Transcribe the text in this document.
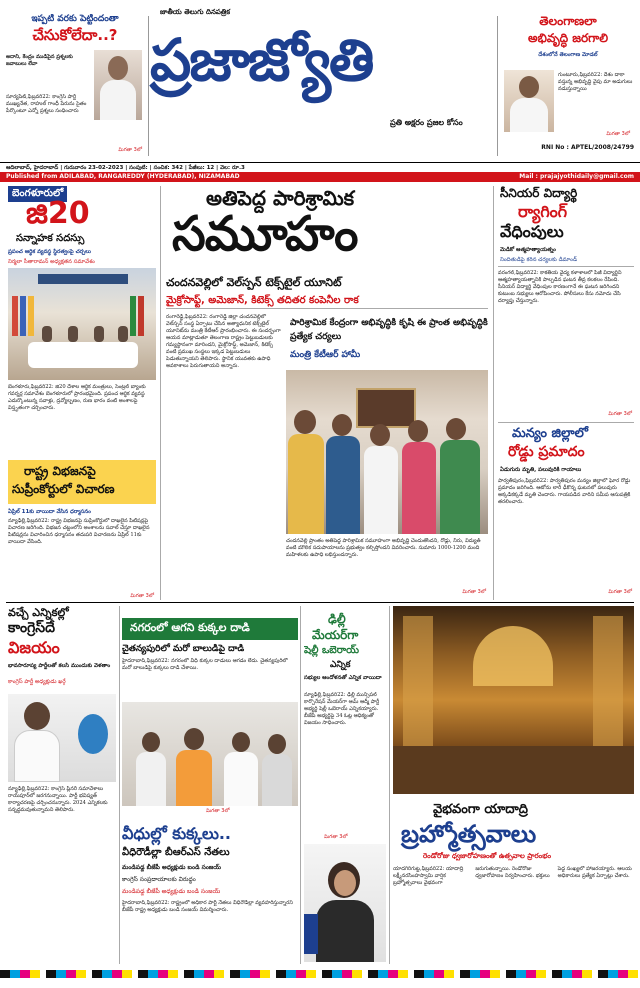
ఇప్పటి వరకు పెట్టిందంతా
చేసుకోలేదా..?
అదానీ, కేంద్రం ముడిపైన ప్రశ్నలకు జవాబులు లేవా
సూర్యపేట్,ఫిబ్రవరి22: కాంగ్రెస్ పార్టీ ముఖ్యనేత, రాహుల్ గాంధీ పేరును సైతం పేర్కొంటూ ఎన్నో ప్రశ్నలు సంధించారు
మిగతా 3లో
జాతీయ తెలుగు దినపత్రిక
ప్రజాజ్యోతి
ప్రతి అక్షరం ప్రజల కోసం
తెలంగాణలా
అభివృద్ధి జరగాలి
దేశంలోనే తెలంగాణ మోడల్
గుంటూరు,ఫిబ్రవరి22: దేశం దాకా వస్తున్న అభివృద్ధి వైపు మా అడుగులు నడుస్తున్నాయి
మిగతా 3లో
RNI No : APTEL/2008/24799
ఆదిలాబాద్, హైదరాబాద్ | గురువారం 23-02-2023 | సంపుటి: | సంచిక: 342 | పేజీలు: 12 | వెల: రూ.3
Published from ADILABAD, RANGAREDDY (HYDERABAD), NIZAMABAD	Mail : prajajyothidaily@gmail.com
బెంగళూరులో
జి20
సన్నాహక సదస్సు
ప్రపంచ ఆర్థిక వ్యవస్థ స్థిరత్వంపై చర్చలు
నిర్మలా సీతారామన్ అధ్యక్షతన సమావేశం
బెంగళూరు,ఫిబ్రవరి22: జి20 దేశాల ఆర్థిక మంత్రులు, సెంట్రల్ బ్యాంకు గవర్నర్ల సమావేశం బెంగళూరులో ప్రారంభమైంది. ప్రపంచ ఆర్థిక వ్యవస్థ ఎదుర్కొంటున్న సవాళ్లు, ద్రవ్యోల్బణం, రుణ భారం వంటి అంశాలపై విస్తృతంగా చర్చించారు.
రాష్ట్ర విభజనపై
సుప్రీంకోర్టులో విచారణ
ఏప్రిల్ 11కు వాయిదా వేసిన ధర్మాసనం
న్యూఢిల్లీ,ఫిబ్రవరి22: రాష్ట్ర విభజనపై సుప్రీంకోర్టులో దాఖలైన పిటిషన్లపై విచారణ జరిగింది. విభజన చట్టంలోని అంశాలను సవాల్ చేస్తూ దాఖలైన పిటిషన్లను విచారించిన ధర్మాసనం తదుపరి విచారణను ఏప్రిల్ 11కు వాయిదా వేసింది.
మిగతా 3లో
అతిపెద్ద పారిశ్రామిక
సమూహం
చందనవెల్లిలో వెల్‌స్పన్ టెక్స్‌టైల్ యూనిట్
మైక్రోసాఫ్ట్, అమెజాన్, కిటెక్స్ తదితర కంపెనీల రాక
రంగారెడ్డి,ఫిబ్రవరి22: రంగారెడ్డి జిల్లా చందనవెల్లిలో వెల్‌స్పన్ సంస్థ ఏర్పాటు చేసిన అత్యాధునిక టెక్స్‌టైల్ యూనిట్‌ను మంత్రి కేటీఆర్ ప్రారంభించారు. ఈ సందర్భంగా ఆయన మాట్లాడుతూ తెలంగాణ రాష్ట్రం పెట్టుబడులకు గమ్యస్థానంగా మారిందని, మైక్రోసాఫ్ట్, అమెజాన్, కిటెక్స్ వంటి ప్రముఖ సంస్థలు ఇక్కడ పెట్టుబడులు పెడుతున్నాయని తెలిపారు. స్థానిక యువతకు ఉపాధి అవకాశాలు పెరుగుతాయని అన్నారు.
పారిశ్రామిక కేంద్రంగా అభివృద్ధికి కృషి ఈ ప్రాంత అభివృద్ధికి ప్రత్యేక చర్యలు
మంత్రి కేటీఆర్ హామీ
చందనవెల్లి ప్రాంతం అతిపెద్ద పారిశ్రామిక సమూహంగా అభివృద్ధి చెందుతోందని, రోడ్లు, నీరు, విద్యుత్ వంటి మౌలిక సదుపాయాలను ప్రభుత్వం కల్పిస్తోందని వివరించారు. సుమారు 1000-1200 మంది మహిళలకు ఉపాధి లభిస్తుందన్నారు.
మిగతా 3లో
సీనియర్ విద్యార్థి
ర్యాగింగ్
వేధింపులు
మెడికో ఆత్మహత్యాయత్నం
నిందితుడిపై కఠిన చర్యలకు డిమాండ్
వరంగల్,ఫిబ్రవరి22: కాకతీయ వైద్య కళాశాలలో పీజీ విద్యార్థిని ఆత్మహత్యాయత్నానికి పాల్పడిన ఘటన తీవ్ర కలకలం రేపింది. సీనియర్ విద్యార్థి వేధింపుల కారణంగానే ఈ ఘటన జరిగిందని కుటుంబ సభ్యులు ఆరోపించారు. పోలీసులు కేసు నమోదు చేసి దర్యాప్తు చేస్తున్నారు.
మిగతా 3లో
మన్యం జిల్లాలో
రోడ్డు ప్రమాదం
ఏడుగురు మృతి, పలువురికి గాయాలు
పార్వతీపురం,ఫిబ్రవరి22: పార్వతీపురం మన్యం జిల్లాలో ఘోర రోడ్డు ప్రమాదం జరిగింది. ఆటోను లారీ ఢీకొన్న ఘటనలో పలువురు అక్కడికక్కడే మృతి చెందారు. గాయపడిన వారిని సమీప ఆసుపత్రికి తరలించారు.
మిగతా 3లో
వచ్చే ఎన్నికల్లో
కాంగ్రెస్‌దే
విజయం
భావసారూప్య పార్టీలతో కలసి ముందుకు వెళతాం
కాంగ్రెస్ పార్టీ అధ్యక్షుడు ఖర్గే
న్యూఢిల్లీ,ఫిబ్రవరి22: కాంగ్రెస్ ప్లీనరీ సమావేశాలు రాయ్‌పూర్‌లో జరగనున్నాయి. పార్టీ భవిష్యత్ కార్యాచరణపై చర్చించనున్నారు. 2024 ఎన్నికలకు సన్నద్ధమవుతున్నామని తెలిపారు.
నగరంలో ఆగని కుక్కల దాడి
చైతన్యపురిలో మరో బాలుడిపై దాడి
హైదరాబాద్,ఫిబ్రవరి22: నగరంలో వీధి కుక్కల దాడులు ఆగడం లేదు. చైతన్యపురిలో మరో బాలుడిపై కుక్కలు దాడి చేశాయి.
మిగతా 3లో
వీధుల్లో కుక్కలు..
వీధిరౌడీల్లా బీఆర్ఎస్ నేతలు
మండిపడ్డ బీజేపీ అధ్యక్షుడు బండి సంజయ్
కాంగ్రెస్ సంప్రదాయాలకు విరుద్ధం
మండిపడ్డ బీజేపీ అధ్యక్షుడు బండి సంజయ్
హైదరాబాద్,ఫిబ్రవరి22: రాష్ట్రంలో అధికార పార్టీ నేతలు వీధిరౌడీల్లా వ్యవహరిస్తున్నారని బీజేపీ రాష్ట్ర అధ్యక్షుడు బండి సంజయ్ విమర్శించారు.
ఢిల్లీ
మేయర్‌గా
షెల్లీ ఒబెరాయ్
ఎన్నిక
సభ్యుల ఆందోళనతో ఎన్నిక వాయిదా
న్యూఢిల్లీ,ఫిబ్రవరి22: ఢిల్లీ మున్సిపల్ కార్పొరేషన్ మేయర్‌గా ఆమ్ ఆద్మీ పార్టీ అభ్యర్థి షెల్లీ ఒబెరాయ్ ఎన్నికయ్యారు. బీజేపీ అభ్యర్థిపై 34 ఓట్ల ఆధిక్యంతో విజయం సాధించారు.
మిగతా 3లో
వైభవంగా యాదాద్రి
బ్రహ్మోత్సవాలు
రెండోరోజు ధ్వజారోహణంతో ఉత్సవాల ప్రారంభం
యాదగిరిగుట్ట,ఫిబ్రవరి22: యాదాద్రి లక్ష్మీనరసింహస్వామి వార్షిక బ్రహ్మోత్సవాలు వైభవంగా జరుగుతున్నాయి. రెండోరోజు ధ్వజారోహణం నిర్వహించారు. భక్తులు పెద్ద సంఖ్యలో హాజరయ్యారు. ఆలయ అధికారులు ప్రత్యేక ఏర్పాట్లు చేశారు.
